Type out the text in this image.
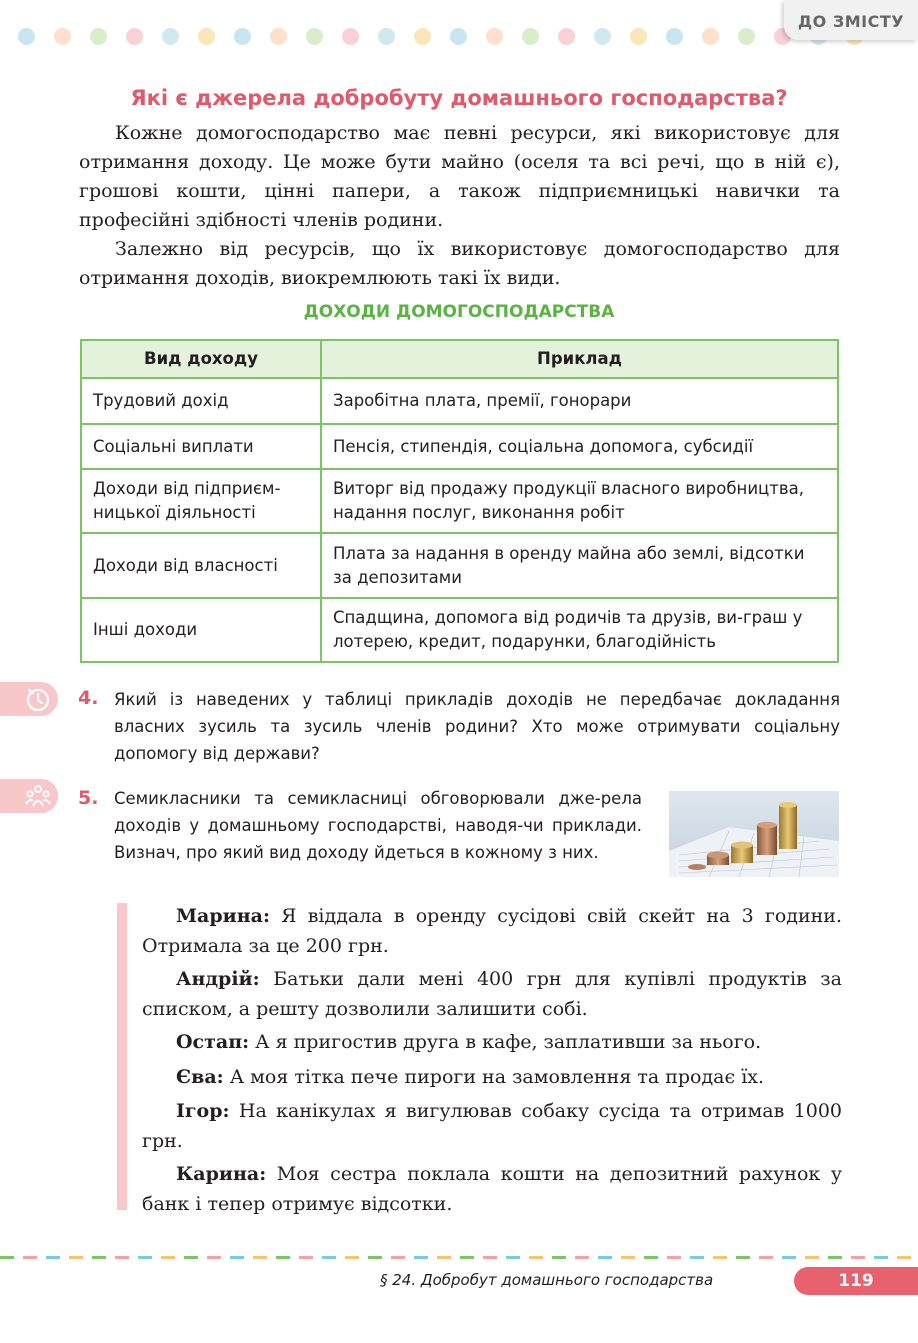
ДО ЗМІСТУ
Які є джерела добробуту домашнього господарства?

Кожне домогосподарство має певні ресурси, які використовує для отримання доходу. Це може бути майно (оселя та всі речі, що в ній є), грошові кошти, цінні папери, а також підприємницькі навички та професійні здібності членів родини.

Залежно від ресурсів, що їх використовує домогосподарство для отримання доходів, виокремлюють такі їх види.

ДОХОДИ ДОМОГОСПОДАРСТВА
Вид доходу	Приклад
Трудовий дохід	Заробітна плата, премії, гонорари
Соціальні виплати	Пенсія, стипендія, соціальна допомога, субсидії
Доходи від підприєм-ницької діяльності	Виторг від продажу продукції власного виробництва, надання послуг, виконання робіт
Доходи від власності	Плата за надання в оренду майна або землі, відсотки за депозитами
Інші доходи	Спадщина, допомога від родичів та друзів, ви-граш у лотерею, кредит, подарунки, благодійність
4. Який із наведених у таблиці прикладів доходів не передбачає докладання власних зусиль та зусиль членів родини? Хто може отримувати соціальну допомогу від держави?

5. Семикласники та семикласниці обговорювали дже-рела доходів у домашньому господарстві, наводя-чи приклади. Визнач, про який вид доходу йдеться в кожному з них.

Марина: Я віддала в оренду сусідові свій скейт на 3 години. Отримала за це 200 грн.

Андрій: Батьки дали мені 400 грн для купівлі продуктів за списком, а решту дозволили залишити собі.

Остап: А я пригостив друга в кафе, заплативши за нього.

Єва: А моя тітка пече пироги на замовлення та продає їх.

Ігор: На канікулах я вигулював собаку сусіда та отримав 1000 грн.

Карина: Моя сестра поклала кошти на депозитний рахунок у банк і тепер отримує відсотки.

§ 24. Добробут домашнього господарства	119
